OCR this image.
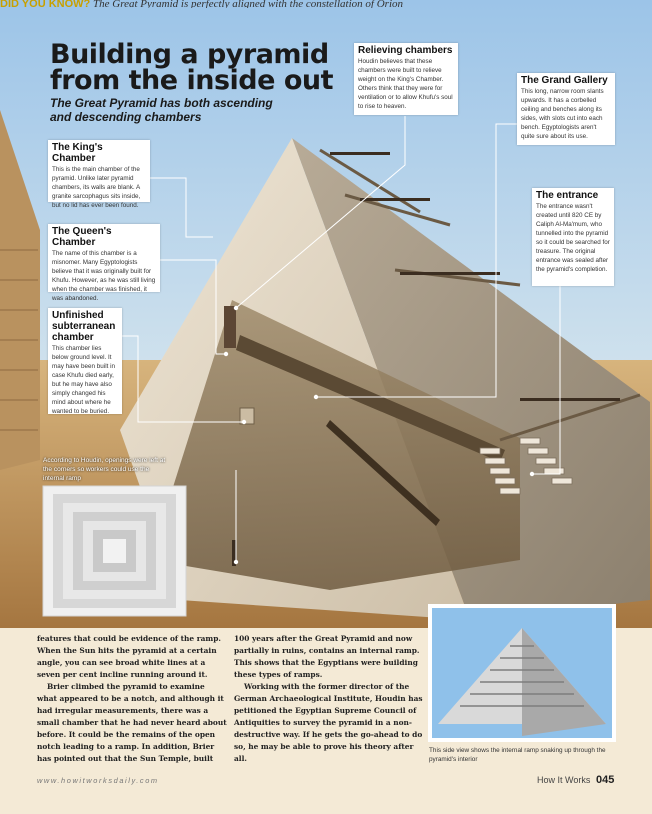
DID YOU KNOW? The Great Pyramid is perfectly aligned with the constellation of Orion
Building a pyramid
from the inside out

The Great Pyramid has both ascending
and descending chambers

The King's Chamber

This is the main chamber of the pyramid. Unlike later pyramid chambers, its walls are blank. A granite sarcophagus sits inside, but no lid has ever been found.

The Queen's Chamber

The name of this chamber is a misnomer. Many Egyptologists believe that it was originally built for Khufu. However, as he was still living when the chamber was finished, it was abandoned.

Unfinished subterranean chamber

This chamber lies below ground level. It may have been built in case Khufu died early, but he may have also simply changed his mind about where he wanted to be buried.

Relieving chambers

Houdin believes that these chambers were built to relieve weight on the King's Chamber. Others think that they were for ventilation or to allow Khufu's soul to rise to heaven.

The Grand Gallery

This long, narrow room slants upwards. It has a corbelled ceiling and benches along its sides, with slots cut into each bench. Egyptologists aren't quite sure about its use.

The entrance

The entrance wasn't created until 820 CE by Caliph Al-Ma'mum, who tunnelled into the pyramid so it could be searched for treasure. The original entrance was sealed after the pyramid's completion.

According to Houdin, openings were left at the corners so workers could use the internal ramp

features that could be evidence of the ramp. When the Sun hits the pyramid at a certain angle, you can see broad white lines at a seven per cent incline running around it.

Brier climbed the pyramid to examine what appeared to be a notch, and although it had irregular measurements, there was a small chamber that he had never heard about before. It could be the remains of the open notch leading to a ramp. In addition, Brier has pointed out that the Sun Temple, built

100 years after the Great Pyramid and now partially in ruins, contains an internal ramp. This shows that the Egyptians were building these types of ramps.

Working with the former director of the German Archaeological Institute, Houdin has petitioned the Egyptian Supreme Council of Antiquities to survey the pyramid in a non-destructive way. If he gets the go-ahead to do so, he may be able to prove his theory after all.

This side view shows the internal ramp snaking up through the pyramid's interior
www.howitworksdaily.com	How It Works 045
